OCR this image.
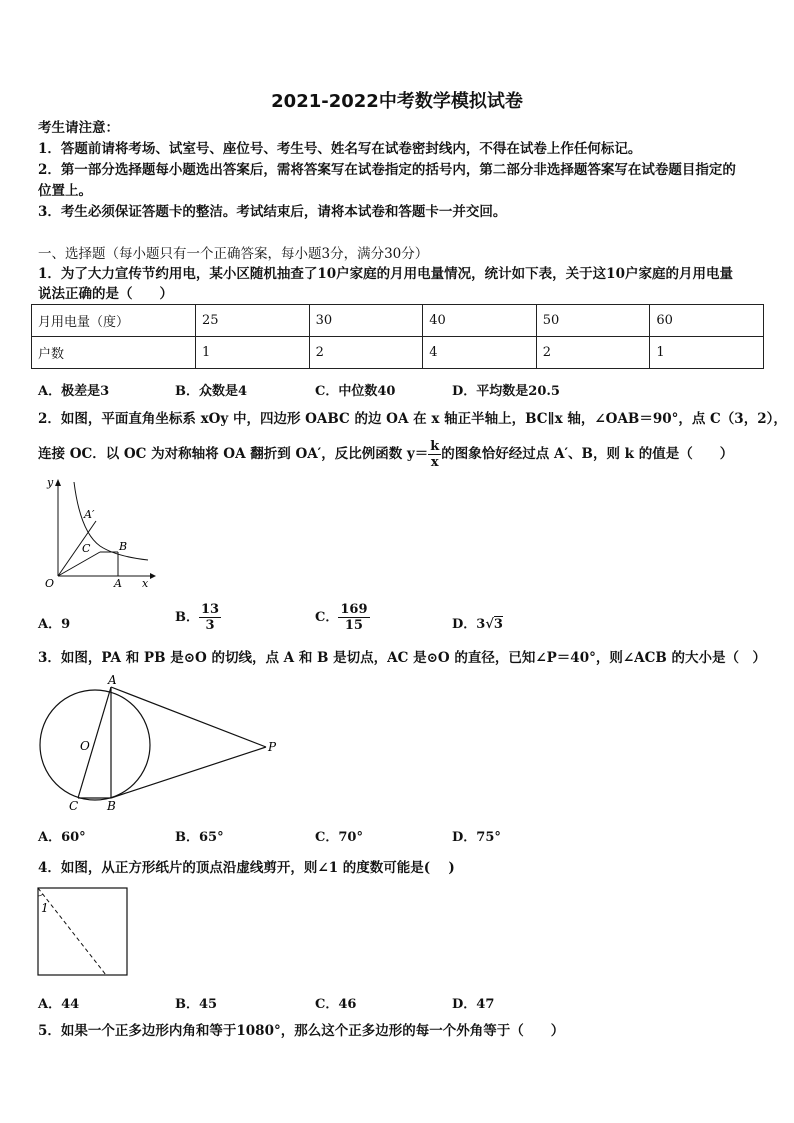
2021-2022中考数学模拟试卷
考生请注意：
1．答题前请将考场、试室号、座位号、考生号、姓名写在试卷密封线内，不得在试卷上作任何标记。
2．第一部分选择题每小题选出答案后，需将答案写在试卷指定的括号内，第二部分非选择题答案写在试卷题目指定的
位置上。
3．考生必须保证答题卡的整洁。考试结束后，请将本试卷和答题卡一并交回。
一、选择题（每小题只有一个正确答案，每小题3分，满分30分）
1．为了大力宣传节约用电，某小区随机抽查了10户家庭的月用电量情况，统计如下表，关于这10户家庭的月用电量
说法正确的是（　　）
月用电量（度）	25	30	40	50	60
户数	1	2	4	2	1
A．极差是3	B．众数是4	C．中位数40	D．平均数是20.5
2．如图，平面直角坐标系 xOy 中，四边形 OABC 的边 OA 在 x 轴正半轴上，BC∥x 轴，∠OAB＝90°，点 C（3，2），
连接 OC．以 OC 为对称轴将 OA 翻折到 OA′，反比例函数 $y= \frac{k}{x}$ 的图象恰好经过点 A′、B，则 k 的值是（　　）
y
x
O	A
A′
B
C
A．9	B． $\frac{13}{3}$	C． $\frac{169}{15}$	D．3√3
3．如图，PA 和 PB 是⊙O 的切线，点 A 和 B 是切点，AC 是⊙O 的直径，已知∠P＝40°，则∠ACB 的大小是（　）
A
B
C
O	P
A．60°	B．65°	C．70°	D．75°
4．如图，从正方形纸片的顶点沿虚线剪开，则∠1 的度数可能是(　 )
1
A．44	B．45	C．46	D．47
5．如果一个正多边形内角和等于1080°，那么这个正多边形的每一个外角等于（　　）
